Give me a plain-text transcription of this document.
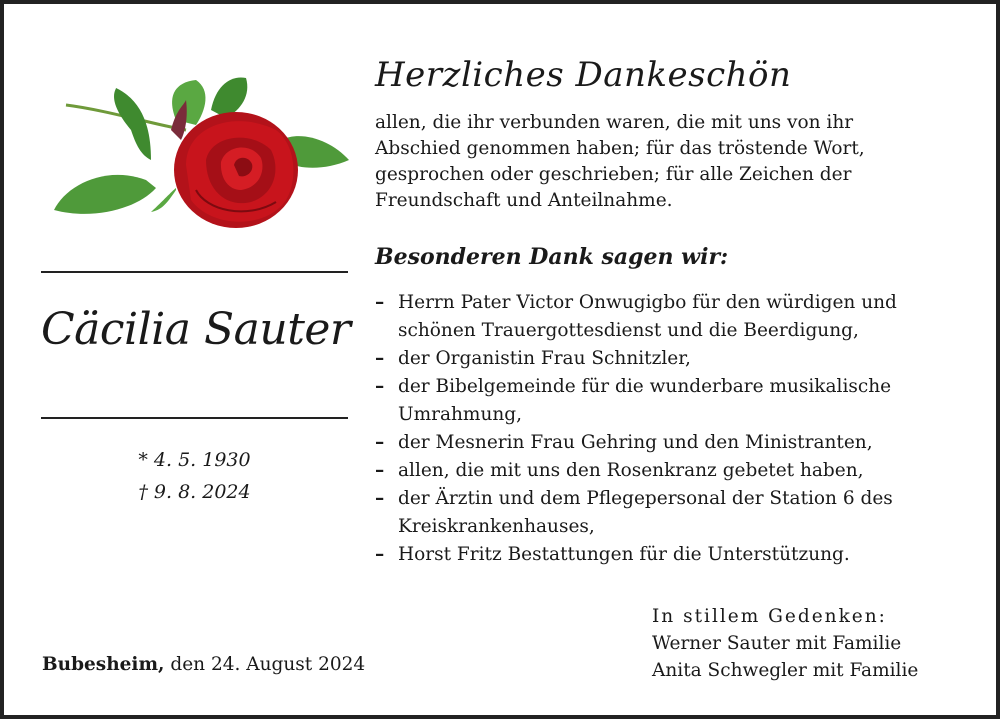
Cäcilia Sauter
* 4. 5. 1930
† 9. 8. 2024
Herzliches Dankeschön
allen, die ihr verbunden waren, die mit uns von ihr
Abschied genommen haben; für das tröstende Wort,
gesprochen oder geschrieben; für alle Zeichen der
Freundschaft und Anteilnahme.
Besonderen Dank sagen wir:
– Herrn Pater Victor Onwugigbo für den würdigen und
schönen Trauergottesdienst und die Beerdigung,
– der Organistin Frau Schnitzler,
– der Bibelgemeinde für die wunderbare musikalische
Umrahmung,
– der Mesnerin Frau Gehring und den Ministranten,
– allen, die mit uns den Rosenkranz gebetet haben,
– der Ärztin und dem Pflegepersonal der Station 6 des
Kreiskrankenhauses,
– Horst Fritz Bestattungen für die Unterstützung.
In stillem Gedenken:
Werner Sauter mit Familie
Anita Schwegler mit Familie
Bubesheim, den 24. August 2024
